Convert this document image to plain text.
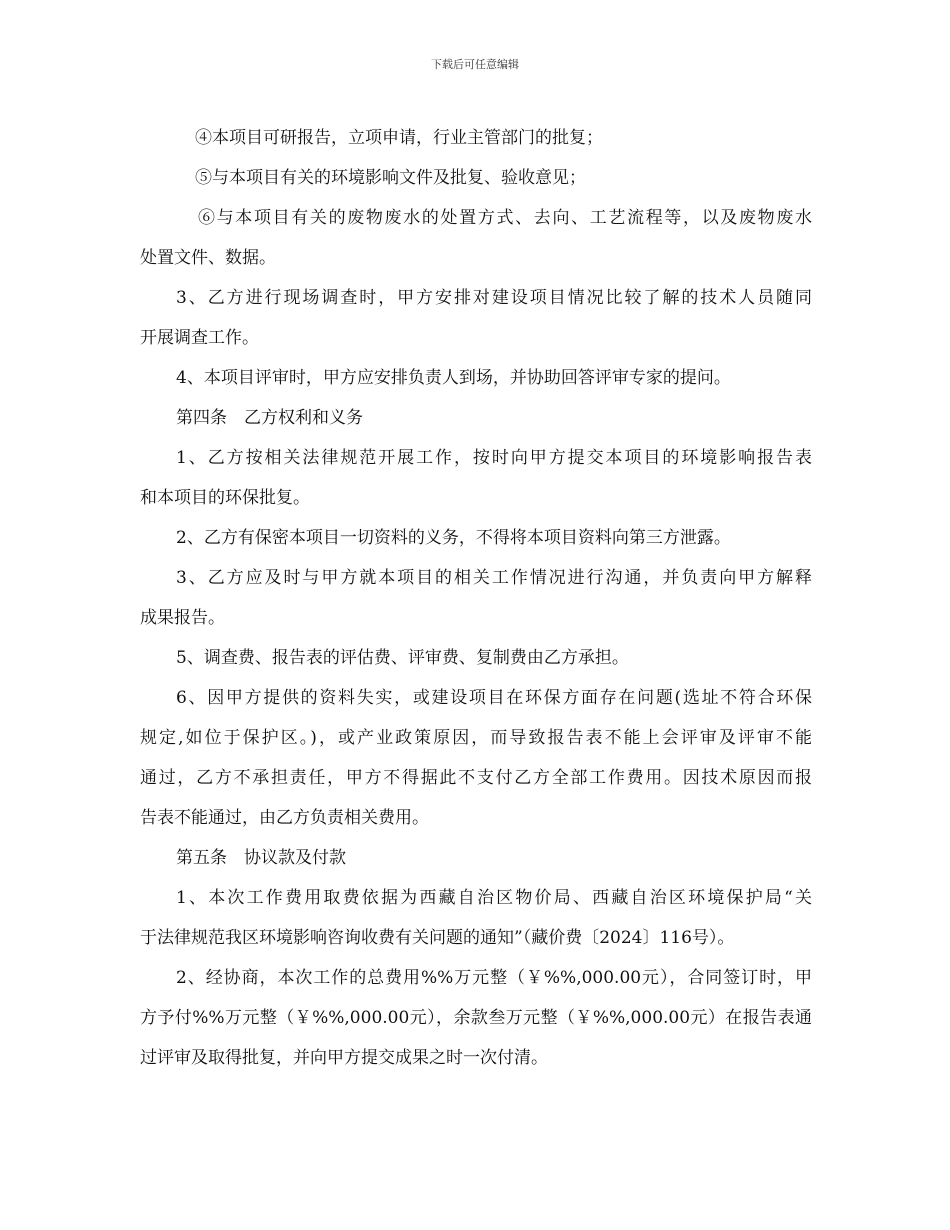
下载后可任意编辑
④本项目可研报告，立项申请，行业主管部门的批复；
⑤与本项目有关的环境影响文件及批复、验收意见；
⑥与本项目有关的废物废水的处置方式、去向、工艺流程等，以及废物废水
处置文件、数据。
3、乙方进行现场调查时，甲方安排对建设项目情况比较了解的技术人员随同
开展调查工作。
4、本项目评审时，甲方应安排负责人到场，并协助回答评审专家的提问。
第四条　乙方权利和义务
1、乙方按相关法律规范开展工作，按时向甲方提交本项目的环境影响报告表
和本项目的环保批复。
2、乙方有保密本项目一切资料的义务，不得将本项目资料向第三方泄露。
3、乙方应及时与甲方就本项目的相关工作情况进行沟通，并负责向甲方解释
成果报告。
5、调查费、报告表的评估费、评审费、复制费由乙方承担。
6、因甲方提供的资料失实，或建设项目在环保方面存在问题(选址不符合环保
规定,如位于保护区。)，或产业政策原因，而导致报告表不能上会评审及评审不能
通过，乙方不承担责任，甲方不得据此不支付乙方全部工作费用。因技术原因而报
告表不能通过，由乙方负责相关费用。
第五条　协议款及付款
1、本次工作费用取费依据为西藏自治区物价局、西藏自治区环境保护局“关
于法律规范我区环境影响咨询收费有关问题的通知”（藏价费〔2024〕116号）。
2、经协商，本次工作的总费用%%万元整（￥%%,000.00元），合同签订时，甲
方予付%%万元整（￥%%,000.00元），余款叁万元整（￥%%,000.00元）在报告表通
过评审及取得批复，并向甲方提交成果之时一次付清。
